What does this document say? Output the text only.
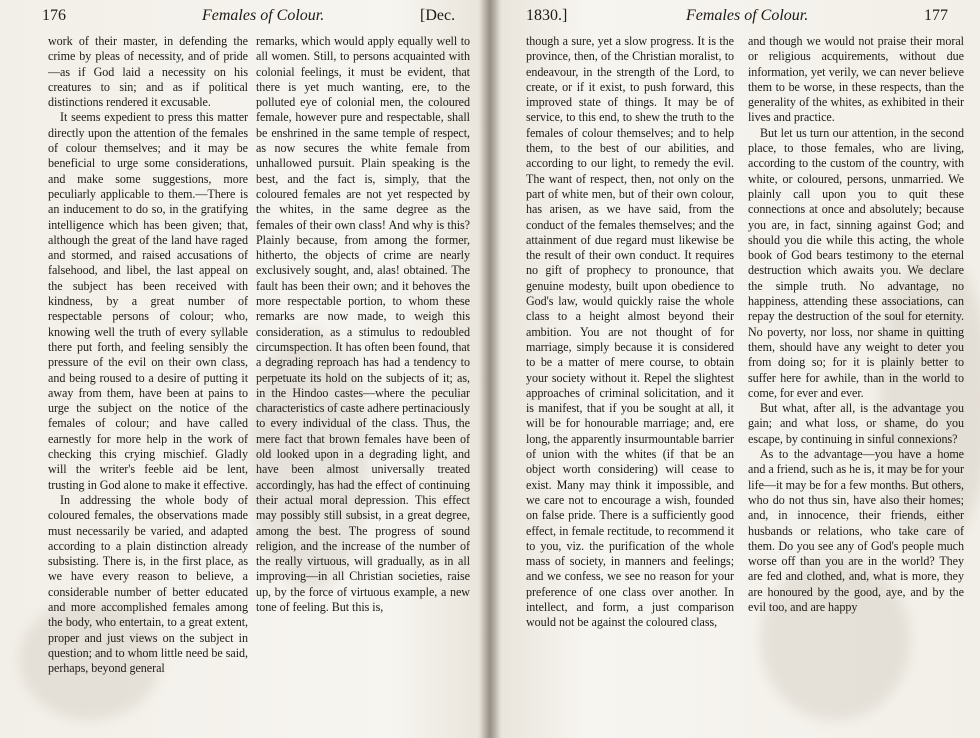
176	Females of Colour.	[Dec.

work of their master, in defending the crime by pleas of necessity, and of pride—as if God laid a necessity on his creatures to sin; and as if political distinctions rendered it excusable.

It seems expedient to press this matter directly upon the attention of the females of colour themselves; and it may be beneficial to urge some considerations, and make some suggestions, more peculiarly applicable to them.—There is an inducement to do so, in the gratifying intelligence which has been given; that, although the great of the land have raged and stormed, and raised accusations of falsehood, and libel, the last appeal on the subject has been received with kindness, by a great number of respectable persons of colour; who, knowing well the truth of every syllable there put forth, and feeling sensibly the pressure of the evil on their own class, and being roused to a desire of putting it away from them, have been at pains to urge the subject on the notice of the females of colour; and have called earnestly for more help in the work of checking this crying mischief. Gladly will the writer's feeble aid be lent, trusting in God alone to make it effective.

In addressing the whole body of coloured females, the observations made must necessarily be varied, and adapted according to a plain distinction already subsisting. There is, in the first place, as we have every reason to believe, a considerable number of better educated and more accomplished females among the body, who entertain, to a great extent, proper and just views on the subject in question; and to whom little need be said, perhaps, beyond general

remarks, which would apply equally well to all women. Still, to persons acquainted with colonial feelings, it must be evident, that there is yet much wanting, ere, to the polluted eye of colonial men, the coloured female, however pure and respectable, shall be enshrined in the same temple of respect, as now secures the white female from unhallowed pursuit. Plain speaking is the best, and the fact is, simply, that the coloured females are not yet respected by the whites, in the same degree as the females of their own class! And why is this? Plainly because, from among the former, hitherto, the objects of crime are nearly exclusively sought, and, alas! obtained. The fault has been their own; and it behoves the more respectable portion, to whom these remarks are now made, to weigh this consideration, as a stimulus to redoubled circumspection. It has often been found, that a degrading reproach has had a tendency to perpetuate its hold on the subjects of it; as, in the Hindoo castes—where the peculiar characteristics of caste adhere pertinaciously to every individual of the class. Thus, the mere fact that brown females have been of old looked upon in a degrading light, and have been almost universally treated accordingly, has had the effect of continuing their actual moral depression. This effect may possibly still subsist, in a great degree, among the best. The progress of sound religion, and the increase of the number of the really virtuous, will gradually, as in all improving—in all Christian societies, raise up, by the force of virtuous example, a new tone of feeling. But this is,

1830.]	Females of Colour.	177

though a sure, yet a slow progress. It is the province, then, of the Christian moralist, to endeavour, in the strength of the Lord, to create, or if it exist, to push forward, this improved state of things. It may be of service, to this end, to shew the truth to the females of colour themselves; and to help them, to the best of our abilities, and according to our light, to remedy the evil. The want of respect, then, not only on the part of white men, but of their own colour, has arisen, as we have said, from the conduct of the females themselves; and the attainment of due regard must likewise be the result of their own conduct. It requires no gift of prophecy to pronounce, that genuine modesty, built upon obedience to God's law, would quickly raise the whole class to a height almost beyond their ambition. You are not thought of for marriage, simply because it is considered to be a matter of mere course, to obtain your society without it. Repel the slightest approaches of criminal solicitation, and it is manifest, that if you be sought at all, it will be for honourable marriage; and, ere long, the apparently insurmountable barrier of union with the whites (if that be an object worth considering) will cease to exist. Many may think it impossible, and we care not to encourage a wish, founded on false pride. There is a sufficiently good effect, in female rectitude, to recommend it to you, viz. the purification of the whole mass of society, in manners and feelings; and we confess, we see no reason for your preference of one class over another. In intellect, and form, a just comparison would not be against the coloured class,

and though we would not praise their moral or religious acquirements, without due information, yet verily, we can never believe them to be worse, in these respects, than the generality of the whites, as exhibited in their lives and practice.

But let us turn our attention, in the second place, to those females, who are living, according to the custom of the country, with white, or coloured, persons, unmarried. We plainly call upon you to quit these connections at once and absolutely; because you are, in fact, sinning against God; and should you die while this acting, the whole book of God bears testimony to the eternal destruction which awaits you. We declare the simple truth. No advantage, no happiness, attending these associations, can repay the destruction of the soul for eternity. No poverty, nor loss, nor shame in quitting them, should have any weight to deter you from doing so; for it is plainly better to suffer here for awhile, than in the world to come, for ever and ever.

But what, after all, is the advantage you gain; and what loss, or shame, do you escape, by continuing in sinful connexions?

As to the advantage—you have a home and a friend, such as he is, it may be for your life—it may be for a few months. But others, who do not thus sin, have also their homes; and, in innocence, their friends, either husbands or relations, who take care of them. Do you see any of God's people much worse off than you are in the world? They are fed and clothed, and, what is more, they are honoured by the good, aye, and by the evil too, and are happy
